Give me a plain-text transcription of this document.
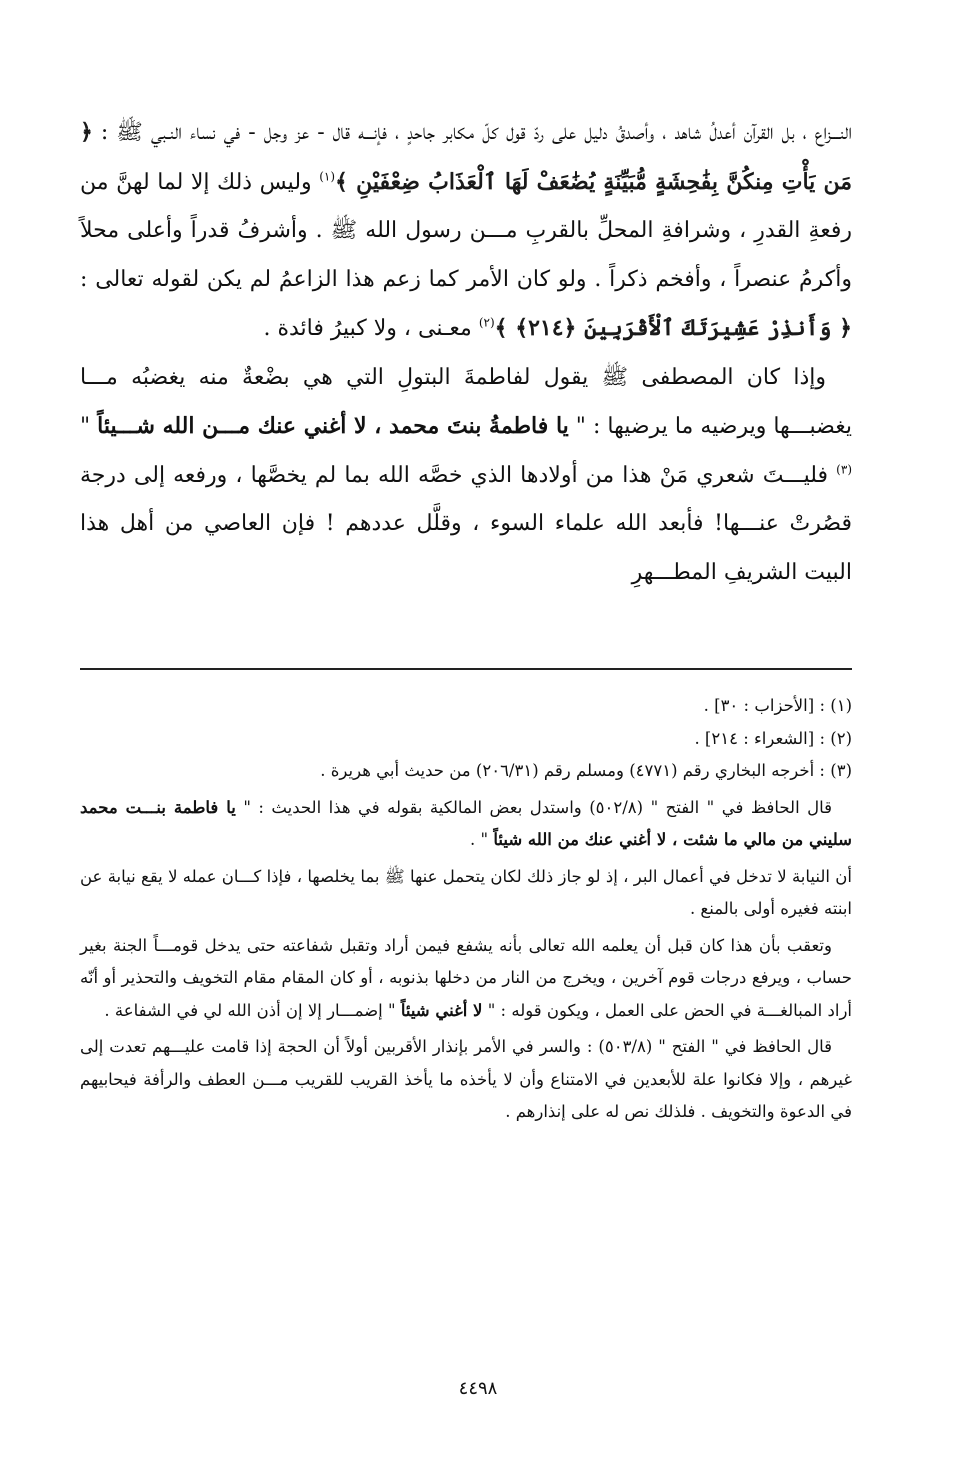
النـــزاع ، بل القرآن أعدلُ شاهد ، وأصدقُ دليل على ردّ قول كلّ مكابر جاحدٍ ، فإنـــه قال - عز وجل - في نساء النـبي ﷺ : ﴿ مَن يَأْتِ مِنكُنَّ بِفَٰحِشَةٍ مُّبَيِّنَةٍ يُضَٰعَفْ لَهَا ٱلْعَذَابُ ضِعْفَيْنِ ﴾$^{(١)}$ وليس ذلك إلا لما لهنَّ من رفعةِ القدرِ ، وشرافةِ المحلِّ بالقربِ مـــن رسول الله ﷺ . وأشرفُ قدراً وأعلى محلاً وأكرمُ عنصراً ، وأفخم ذكراً . ولو كان الأمر كما زعم هذا الزاعمُ لم يكن لقوله تعالى : ﴿ وَأَنذِرْ عَشِيرَتَكَ ٱلْأَقْرَبِينَ ﴿٢١٤﴾ ﴾$^{(٢)}$ معـنى ، ولا كبيرُ فائدة .

وإذا كان المصطفى ﷺ يقول لفاطمةَ البتولِ التي هي بضْعةٌ منه يغضبُه مـــا يغضبـــها ويرضيه ما يرضيها : " يا فاطمةُ بنتَ محمد ، لا أغني عنك مـــن الله شـــيئاً "$^{(٣)}$ فليـــتَ شعري مَنْ هذا من أولادها الذي خصَّه الله بما لم يخصَّها ، ورفعه إلى درجة قصُرتْ عنـــها! فأبعد الله علماء السوء ، وقلَّل عددهم ! فإن العاصي من أهل هذا البيت الشريفِ المطـــهرِ

(١) : [الأحزاب : ٣٠] .

(٢) : [الشعراء : ٢١٤] .

(٣) : أخرجه البخاري رقم (٤٧٧١) ومسلم رقم (٢٠٦/٣١) من حديث أبي هريرة .

قال الحافظ في " الفتح " (٥٠٢/٨) واستدل بعض المالكية بقوله في هذا الحديث : " يا فاطمة بنـــت محمد سليني من مالي ما شئت ، لا أغني عنك من الله شيئاً " .

أن النيابة لا تدخل في أعمال البر ، إذ لو جاز ذلك لكان يتحمل عنها ﷺ بما يخلصها ، فإذا كـــان عمله لا يقع نيابة عن ابنته فغيره أولى بالمنع .

وتعقب بأن هذا كان قبل أن يعلمه الله تعالى بأنه يشفع فيمن أراد وتقبل شفاعته حتى يدخل قومـــاً الجنة بغير حساب ، ويرفع درجات قوم آخرين ، ويخرج من النار من دخلها بذنوبه ، أو كان المقام مقام التخويف والتحذير أو أنّه أراد المبالغـــة في الحض على العمل ، ويكون قوله : " لا أغني شيئاً " إضمـــار إلا إن أذن الله لي في الشفاعة .

قال الحافظ في " الفتح " (٥٠٣/٨) : والسر في الأمر بإنذار الأقربين أولاً أن الحجة إذا قامت عليـــهم تعدت إلى غيرهم ، وإلا فكانوا علة للأبعدين في الامتناع وأن لا يأخذه ما يأخذ القريب للقريب مـــن العطف والرأفة فيحابيهم في الدعوة والتخويف . فلذلك نص له على إنذارهم .

٤٤٩٨
